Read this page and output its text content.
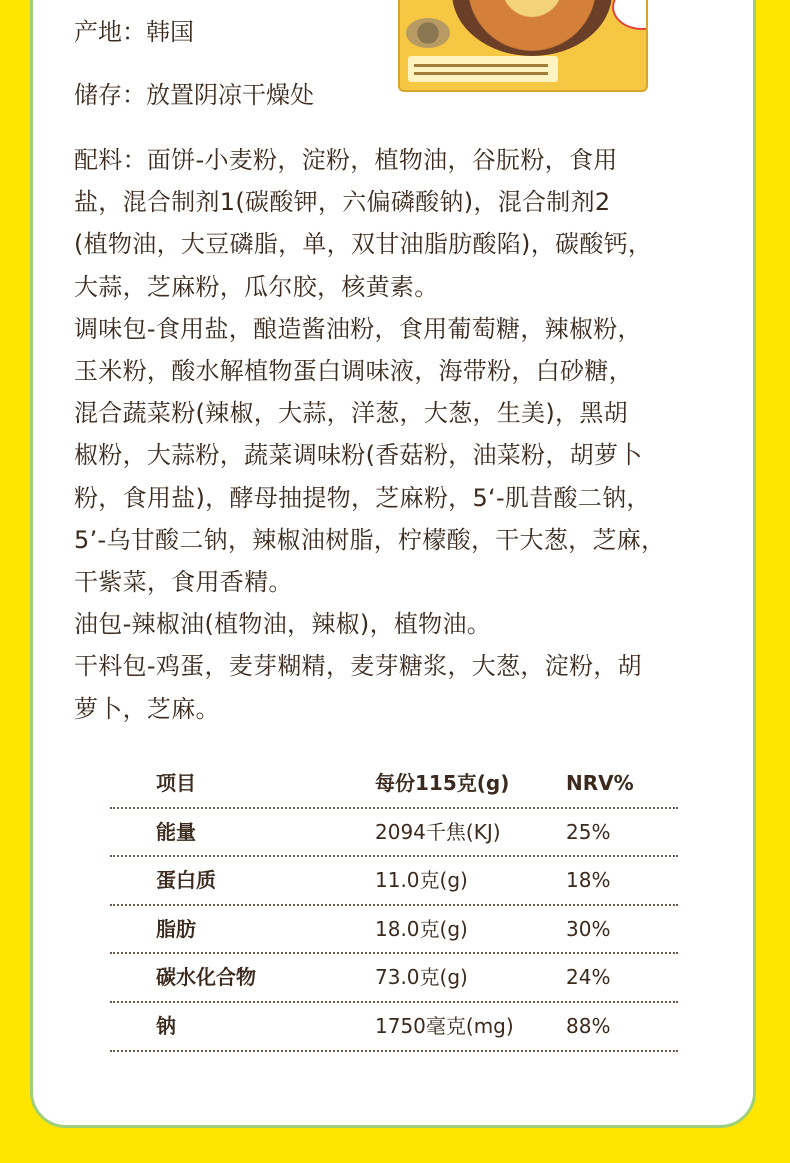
产地：韩国
储存：放置阴凉干燥处
配料：面饼-小麦粉，淀粉，植物油，谷朊粉，食用
盐，混合制剂1(碳酸钾，六偏磷酸钠)，混合制剂2
(植物油，大豆磷脂，单，双甘油脂肪酸陷)，碳酸钙，
大蒜，芝麻粉，瓜尔胶，核黄素。
调味包-食用盐，酿造酱油粉，食用葡萄糖，辣椒粉，
玉米粉，酸水解植物蛋白调味液，海带粉，白砂糖，
混合蔬菜粉(辣椒，大蒜，洋葱，大葱，生美)，黑胡
椒粉，大蒜粉，蔬菜调味粉(香菇粉，油菜粉，胡萝卜
粉，食用盐)，酵母抽提物，芝麻粉，5‘-肌昔酸二钠，
5’-乌甘酸二钠，辣椒油树脂，柠檬酸，干大葱，芝麻，
干紫菜，食用香精。
油包-辣椒油(植物油，辣椒)，植物油。
干料包-鸡蛋，麦芽糊精，麦芽糖浆，大葱，淀粉，胡
萝卜，芝麻。
项目	每份115克(g)	NRV%
能量	2094千焦(KJ)	25%
蛋白质	11.0克(g)	18%
脂肪	18.0克(g)	30%
碳水化合物	73.0克(g)	24%
钠	1750毫克(mg)	88%
